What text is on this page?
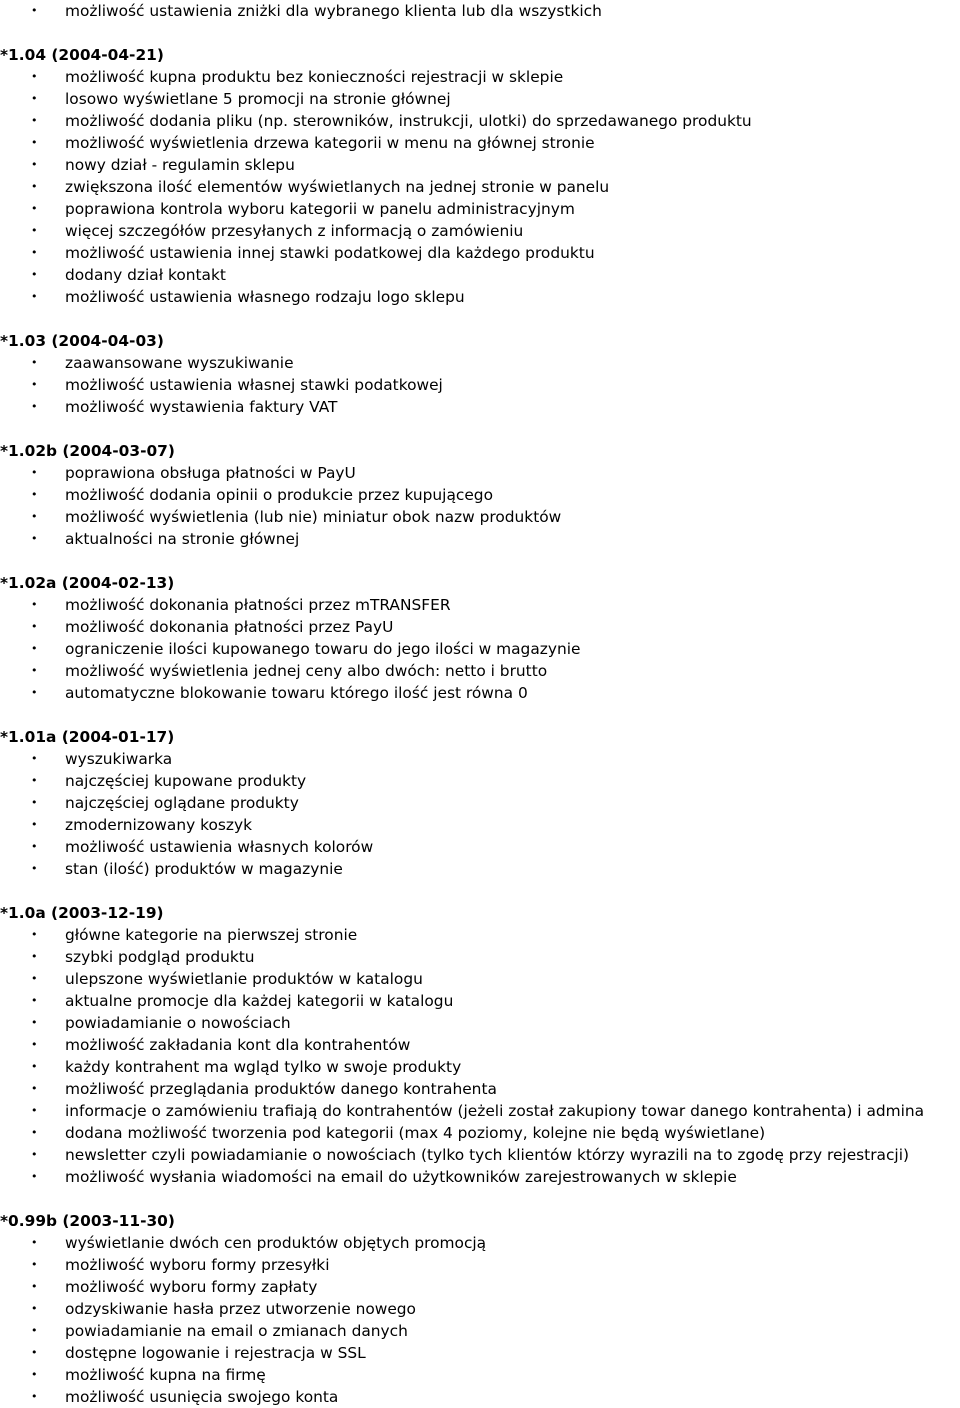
• możliwość ustawienia zniżki dla wybranego klienta lub dla wszystkich
*1.04 (2004-04-21)
• możliwość kupna produktu bez konieczności rejestracji w sklepie
• losowo wyświetlane 5 promocji na stronie głównej
• możliwość dodania pliku (np. sterowników, instrukcji, ulotki) do sprzedawanego produktu
• możliwość wyświetlenia drzewa kategorii w menu na głównej stronie
• nowy dział - regulamin sklepu
• zwiększona ilość elementów wyświetlanych na jednej stronie w panelu
• poprawiona kontrola wyboru kategorii w panelu administracyjnym
• więcej szczegółów przesyłanych z informacją o zamówieniu
• możliwość ustawienia innej stawki podatkowej dla każdego produktu
• dodany dział kontakt
• możliwość ustawienia własnego rodzaju logo sklepu
*1.03 (2004-04-03)
• zaawansowane wyszukiwanie
• możliwość ustawienia własnej stawki podatkowej
• możliwość wystawienia faktury VAT
*1.02b (2004-03-07)
• poprawiona obsługa płatności w PayU
• możliwość dodania opinii o produkcie przez kupującego
• możliwość wyświetlenia (lub nie) miniatur obok nazw produktów
• aktualności na stronie głównej
*1.02a (2004-02-13)
• możliwość dokonania płatności przez mTRANSFER
• możliwość dokonania płatności przez PayU
• ograniczenie ilości kupowanego towaru do jego ilości w magazynie
• możliwość wyświetlenia jednej ceny albo dwóch: netto i brutto
• automatyczne blokowanie towaru którego ilość jest równa 0
*1.01a (2004-01-17)
• wyszukiwarka
• najczęściej kupowane produkty
• najczęściej oglądane produkty
• zmodernizowany koszyk
• możliwość ustawienia własnych kolorów
• stan (ilość) produktów w magazynie
*1.0a (2003-12-19)
• główne kategorie na pierwszej stronie
• szybki podgląd produktu
• ulepszone wyświetlanie produktów w katalogu
• aktualne promocje dla każdej kategorii w katalogu
• powiadamianie o nowościach
• możliwość zakładania kont dla kontrahentów
• każdy kontrahent ma wgląd tylko w swoje produkty
• możliwość przeglądania produktów danego kontrahenta
• informacje o zamówieniu trafiają do kontrahentów (jeżeli został zakupiony towar danego kontrahenta) i admina
• dodana możliwość tworzenia pod kategorii (max 4 poziomy, kolejne nie będą wyświetlane)
• newsletter czyli powiadamianie o nowościach (tylko tych klientów którzy wyrazili na to zgodę przy rejestracji)
• możliwość wysłania wiadomości na email do użytkowników zarejestrowanych w sklepie
*0.99b (2003-11-30)
• wyświetlanie dwóch cen produktów objętych promocją
• możliwość wyboru formy przesyłki
• możliwość wyboru formy zapłaty
• odzyskiwanie hasła przez utworzenie nowego
• powiadamianie na email o zmianach danych
• dostępne logowanie i rejestracja w SSL
• możliwość kupna na firmę
• możliwość usunięcia swojego konta
